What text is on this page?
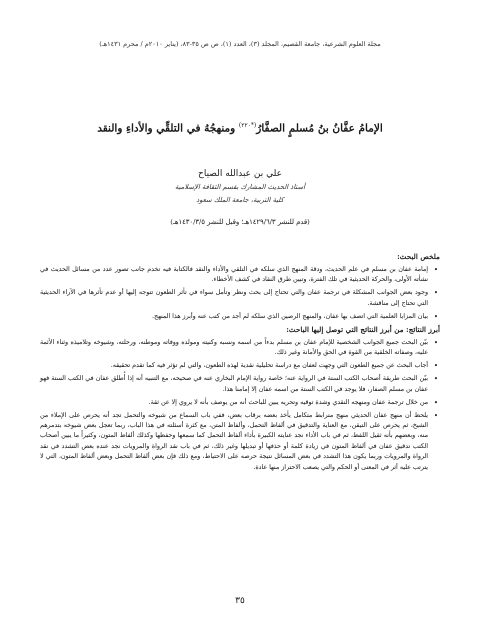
مجلة العلوم الشرعية، جامعة القصيم، المجلد (٣)، العدد (١)، ص ص ٣٥-٨٣، (يناير ٢٠١٠م / محرم ١٤٣١هـ)
الإمامُ عفَّانُ بنُ مُسلمٍ الصفَّارُ$^{(*٢٢٠)}$ ومنهجُهُ في التلقِّي والأداءِ والنقد
علي بن عبدالله الصياح
أستاذ الحديث المشارك بقسم الثقافة الإسلامية
كلية التربية، جامعة الملك سعود
(قدم للنشر ١٤٢٩/٦/٣هـ؛ وقبل للنشر ١٤٣٠/٣/٥هـ)

ملخص البحث:

• إمامة عفان بن مسلم في علم الحديث، ودقة المنهج الذي سلكه في التلقي والأداء والنقد فالكتابة فيه تخدم جانب تصور عدد من مسائل الحديث في نشأته الأولى، والحركة الحديثية في تلك الفترة، وتبين طرق النقاد في كشف الأخطاء.
• وجود بعض الجوانب المشكلة في ترجمة عفان والتي تحتاج إلى بحث ونظر وتأمل سواء في تأثر الطعون تتوجه إليها أو عدم تأثرها في الآراء الحديثية التي تحتاج إلى مناقشة.
• بيان المزايا العلمية التي اتصف بها عفان، والمنهج الرصين الذي سلكه لم أجد من كتب عنه وأبرز هذا المنهج.

أبرز النتائج: من أبرز النتائج التي توصل إليها الباحث:

• بيّن البحث جميع الجوانب الشخصية للإمام عفان بن مسلم بدءاً من اسمه ونسبه وكنيته ومولده ووفاته وموطنه، ورحلته، وشيوخه وتلاميذه وثناء الأئمة عليه، وصفاته الخلقية من القوة في الحق والأمانة وغير ذلك.
• أجاب البحث عن جميع الطعون التي وجهت لعفان مع دراسة تحليلية نقدية لهذه الطعون، والتي لم تؤثر فيه كما تقدم تحقيقه.
• بيّن البحث طريقة أصحاب الكتب الستة في الرواية عنه؛ خاصة رواية الإمام البخاري عنه في صحيحه، مع التنبيه أنه إذا أُطلق عفان في الكتب الستة فهو عفان بن مسلم الصفار، فلا يوجد في الكتب الستة من اسمه عفان إلا إمامنا هذا.
• من خلال ترجمة عفان ومنهجه النقدي وشدة توقيه وتحريه يبين للباحث أنه من يوصف بأنه لا يروي إلا عن ثقة.
• يلحظ أن منهج عفان الحديثي منهج مترابط متكامل يأخذ بعضه برقاب بعض، ففي باب السماع من شيوخه والتحمل تجد أنه يحرص على الإملاء من الشيخ، ثم يحرص على التيقن، مع العناية والتدقيق في ألفاظ التحمل، وألفاظ المتن، مع كثرة أسئلته في هذا الباب، ربما تعجل بعض شيوخه بتدمرهم منه، وبعضهم بأنه ثقيل اللفظ، ثم في باب الأداء نجد عنايته الكبيرة بأداء ألفاظ التحمل كما سمعها وحفظها وكذلك ألفاظ المتون، وكثيراً ما يبين أصحاب الكتب تدقيق عفان في ألفاظ المتون في زيادة كلمة أو حذفها أو تبديلها وغير ذلك، ثم في باب نقد الرواة والمرويات نجد عنده بعض التشدد في نقد الرواة والمرويات وربما يكون هذا التشدد في بعض المسائل نتيجة حرصه على الاحتياط، ومع ذلك فإن بعض ألفاظ التحمل وبعض ألفاظ المتون، التي لا يترتب عليه أثر في المعنى أو الحكم والتي يصعب الاحتراز منها عادة.
٣٥
